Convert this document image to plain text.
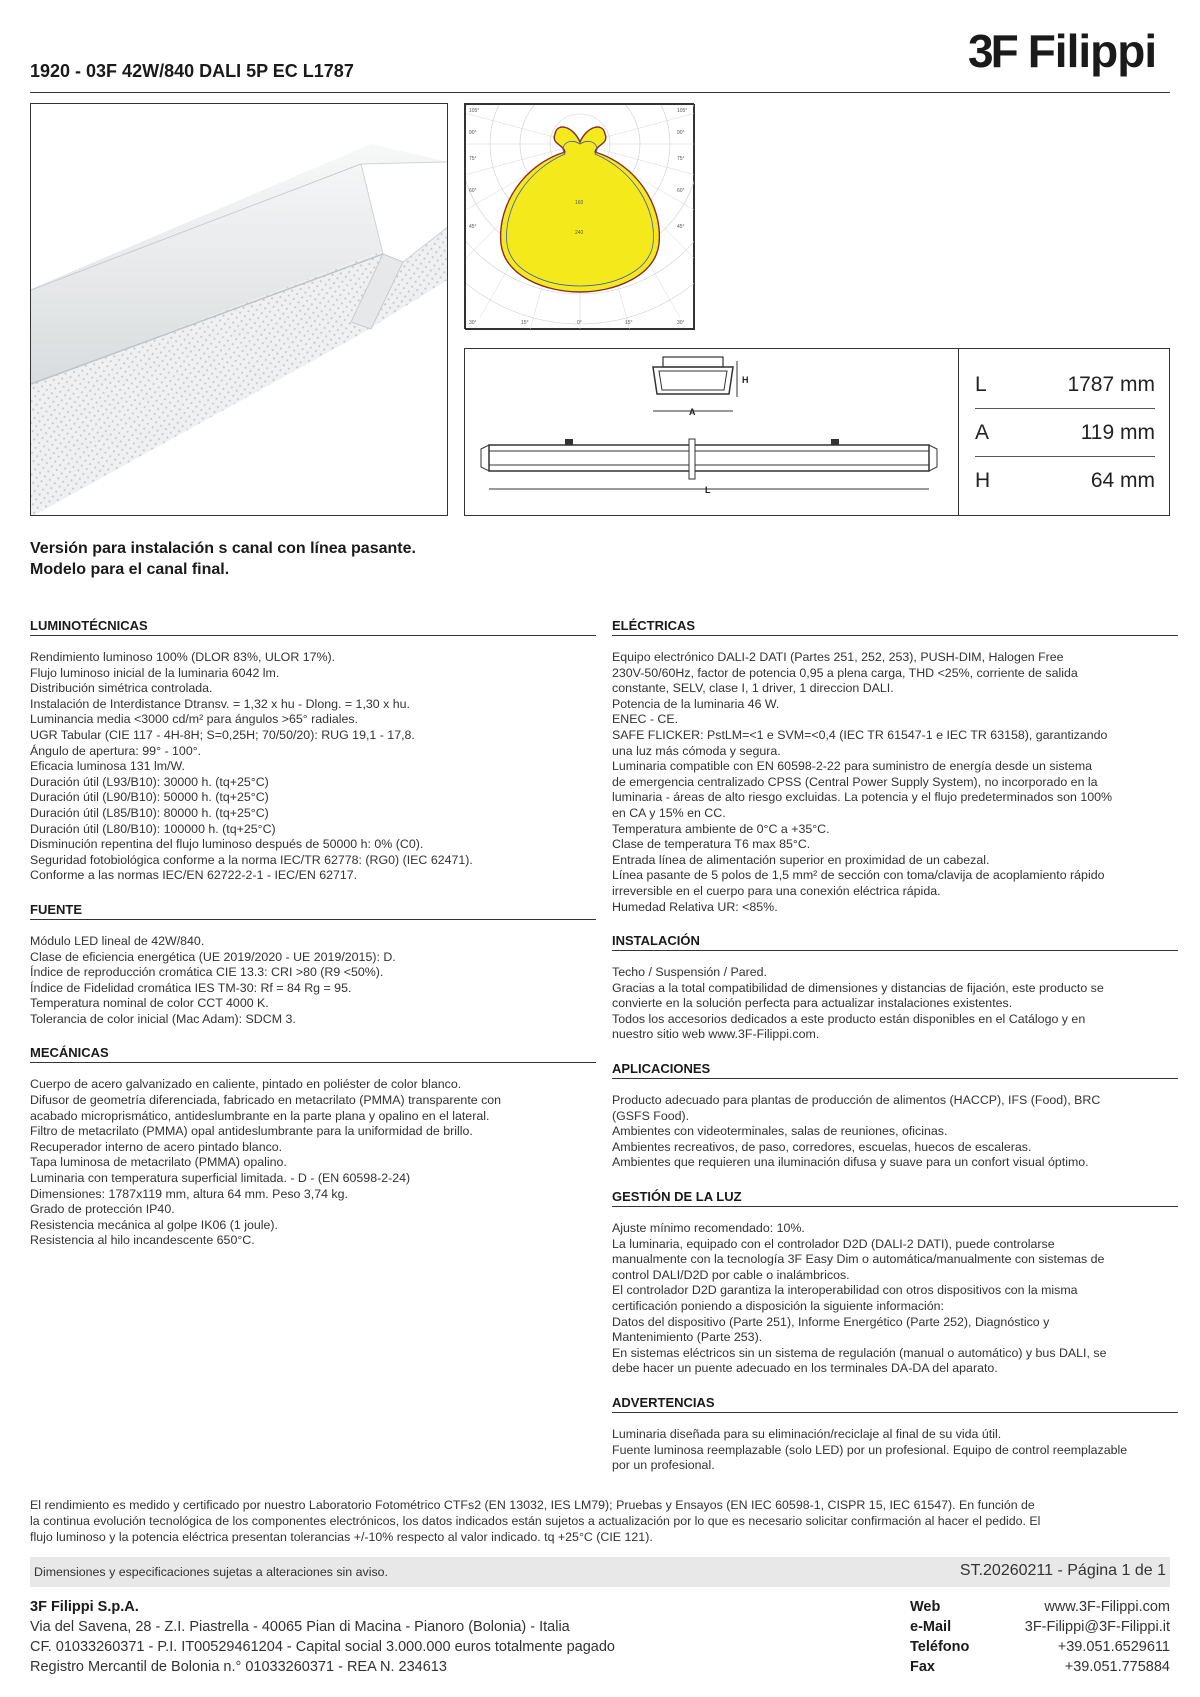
3F Filippi
1920 - 03F 42W/840 DALI 5P EC L1787
105°
90°
75°
60°
45°
105°
90°
75°
60°
45°
30°	15°	0°	15°	30°
160
240
H
A
L
L	1787 mm
A	119 mm
H	64 mm
Versión para instalación s canal con línea pasante.
Modelo para el canal final.
LUMINOTÉCNICAS
Rendimiento luminoso 100% (DLOR 83%, ULOR 17%).
Flujo luminoso inicial de la luminaria 6042 lm.
Distribución simétrica controlada.
Instalación de Interdistance Dtransv. = 1,32 x hu - Dlong. = 1,30 x hu.
Luminancia media <3000 cd/m² para ángulos >65° radiales.
UGR Tabular (CIE 117 - 4H-8H; S=0,25H; 70/50/20): RUG 19,1 - 17,8.
Ángulo de apertura: 99° - 100°.
Eficacia luminosa 131 lm/W.
Duración útil (L93/B10): 30000 h. (tq+25°C)
Duración útil (L90/B10): 50000 h. (tq+25°C)
Duración útil (L85/B10): 80000 h. (tq+25°C)
Duración útil (L80/B10): 100000 h. (tq+25°C)
Disminución repentina del flujo luminoso después de 50000 h: 0% (C0).
Seguridad fotobiológica conforme a la norma IEC/TR 62778: (RG0) (IEC 62471).
Conforme a las normas IEC/EN 62722-2-1 - IEC/EN 62717.
FUENTE
Módulo LED lineal de 42W/840.
Clase de eficiencia energética (UE 2019/2020 - UE 2019/2015): D.
Índice de reproducción cromática CIE 13.3: CRI >80 (R9 <50%).
Índice de Fidelidad cromática IES TM-30: Rf = 84 Rg = 95.
Temperatura nominal de color CCT 4000 K.
Tolerancia de color inicial (Mac Adam): SDCM 3.
MECÁNICAS
Cuerpo de acero galvanizado en caliente, pintado en poliéster de color blanco.
Difusor de geometría diferenciada, fabricado en metacrilato (PMMA) transparente con
acabado microprismático, antideslumbrante en la parte plana y opalino en el lateral.
Filtro de metacrilato (PMMA) opal antideslumbrante para la uniformidad de brillo.
Recuperador interno de acero pintado blanco.
Tapa luminosa de metacrilato (PMMA) opalino.
Luminaria con temperatura superficial limitada. - D - (EN 60598-2-24)
Dimensiones: 1787x119 mm, altura 64 mm. Peso 3,74 kg.
Grado de protección IP40.
Resistencia mecánica al golpe IK06 (1 joule).
Resistencia al hilo incandescente 650°C.
ELÉCTRICAS
Equipo electrónico DALI-2 DATI (Partes 251, 252, 253), PUSH-DIM, Halogen Free
230V-50/60Hz, factor de potencia 0,95 a plena carga, THD <25%, corriente de salida
constante, SELV, clase I, 1 driver, 1 direccion DALI.
Potencia de la luminaria 46 W.
ENEC - CE.
SAFE FLICKER: PstLM=<1 e SVM=<0,4 (IEC TR 61547-1 e IEC TR 63158), garantizando
una luz más cómoda y segura.
Luminaria compatible con EN 60598-2-22 para suministro de energía desde un sistema
de emergencia centralizado CPSS (Central Power Supply System), no incorporado en la
luminaria - áreas de alto riesgo excluidas. La potencia y el flujo predeterminados son 100%
en CA y 15% en CC.
Temperatura ambiente de 0°C a +35°C.
Clase de temperatura T6 max 85°C.
Entrada línea de alimentación superior en proximidad de un cabezal.
Línea pasante de 5 polos de 1,5 mm² de sección con toma/clavija de acoplamiento rápido
irreversible en el cuerpo para una conexión eléctrica rápida.
Humedad Relativa UR: <85%.
INSTALACIÓN
Techo / Suspensión / Pared.
Gracias a la total compatibilidad de dimensiones y distancias de fijación, este producto se
convierte en la solución perfecta para actualizar instalaciones existentes.
Todos los accesorios dedicados a este producto están disponibles en el Catálogo y en
nuestro sitio web www.3F-Filippi.com.
APLICACIONES
Producto adecuado para plantas de producción de alimentos (HACCP), IFS (Food), BRC
(GSFS Food).
Ambientes con videoterminales, salas de reuniones, oficinas.
Ambientes recreativos, de paso, corredores, escuelas, huecos de escaleras.
Ambientes que requieren una iluminación difusa y suave para un confort visual óptimo.
GESTIÓN DE LA LUZ
Ajuste mínimo recomendado: 10%.
La luminaria, equipado con el controlador D2D (DALI-2 DATI), puede controlarse
manualmente con la tecnología 3F Easy Dim o automática/manualmente con sistemas de
control DALI/D2D por cable o inalámbricos.
El controlador D2D garantiza la interoperabilidad con otros dispositivos con la misma
certificación poniendo a disposición la siguiente información:
Datos del dispositivo (Parte 251), Informe Energético (Parte 252), Diagnóstico y
Mantenimiento (Parte 253).
En sistemas eléctricos sin un sistema de regulación (manual o automático) y bus DALI, se
debe hacer un puente adecuado en los terminales DA-DA del aparato.
ADVERTENCIAS
Luminaria diseñada para su eliminación/reciclaje al final de su vida útil.
Fuente luminosa reemplazable (solo LED) por un profesional. Equipo de control reemplazable
por un profesional.
El rendimiento es medido y certificado por nuestro Laboratorio Fotométrico CTFs2 (EN 13032, IES LM79); Pruebas y Ensayos (EN IEC 60598-1, CISPR 15, IEC 61547). En función de
la continua evolución tecnológica de los componentes electrónicos, los datos indicados están sujetos a actualización por lo que es necesario solicitar confirmación al hacer el pedido. El
flujo luminoso y la potencia eléctrica presentan tolerancias +/-10% respecto al valor indicado. tq +25°C (CIE 121).
Dimensiones y especificaciones sujetas a alteraciones sin aviso.	ST.20260211 - Página 1 de 1
3F Filippi S.p.A.
Via del Savena, 28 - Z.I. Piastrella - 40065 Pian di Macina - Pianoro (Bolonia) - Italia
CF. 01033260371 - P.I. IT00529461204 - Capital social 3.000.000 euros totalmente pagado
Registro Mercantil de Bolonia n.° 01033260371 - REA N. 234613
Web	www.3F-Filippi.com
e-Mail	3F-Filippi@3F-Filippi.it
Teléfono	+39.051.6529611
Fax	+39.051.775884
